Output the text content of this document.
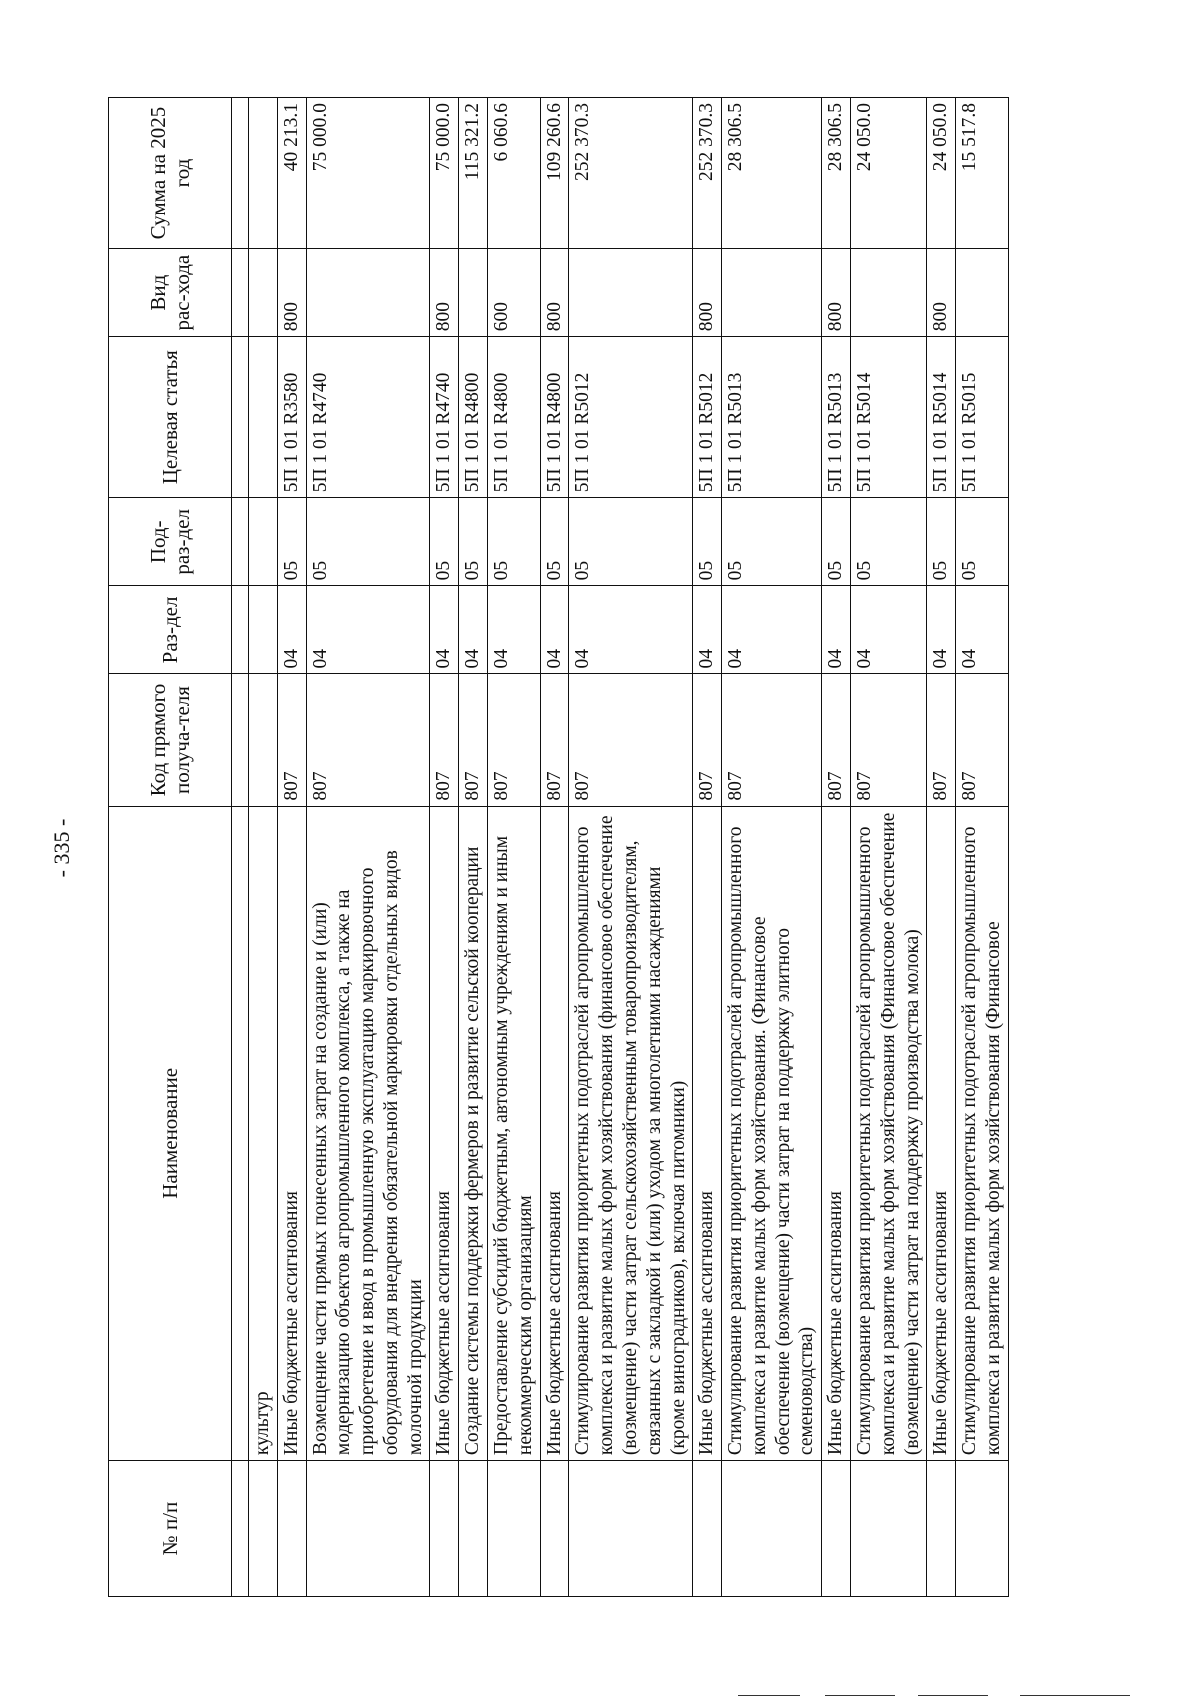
- 335 -
№ п/п	Наименование	Код прямого получа-теля	Раз-дел	Под-раз-дел	Целевая статья	Вид рас-хода	Сумма на 2025 год

	культур						
	Иные бюджетные ассигнования	807	04	05	5П 1 01 R3580	800	40 213.1
	Возмещение части прямых понесенных затрат на создание и (или) модернизацию объектов агропромышленного комплекса, а также на приобретение и ввод в промышленную эксплуатацию маркировочного оборудования для внедрения обязательной маркировки отдельных видов молочной продукции	807	04	05	5П 1 01 R4740		75 000.0
	Иные бюджетные ассигнования	807	04	05	5П 1 01 R4740	800	75 000.0
	Создание системы поддержки фермеров и развитие сельской кооперации	807	04	05	5П 1 01 R4800		115 321.2
	Предоставление субсидий бюджетным, автономным учреждениям и иным некоммерческим организациям	807	04	05	5П 1 01 R4800	600	6 060.6
	Иные бюджетные ассигнования	807	04	05	5П 1 01 R4800	800	109 260.6
	Стимулирование развития приоритетных подотраслей агропромышленного комплекса и развитие малых форм хозяйствования (финансовое обеспечение (возмещение) части затрат сельскохозяйственным товаропроизводителям, связанных с закладкой и (или) уходом за многолетними насаждениями (кроме виноградников), включая питомники)	807	04	05	5П 1 01 R5012		252 370.3
	Иные бюджетные ассигнования	807	04	05	5П 1 01 R5012	800	252 370.3
	Стимулирование развития приоритетных подотраслей агропромышленного комплекса и развитие малых форм хозяйствования. (Финансовое обеспечение (возмещение) части затрат на поддержку элитного семеноводства)	807	04	05	5П 1 01 R5013		28 306.5
	Иные бюджетные ассигнования	807	04	05	5П 1 01 R5013	800	28 306.5
	Стимулирование развития приоритетных подотраслей агропромышленного комплекса и развитие малых форм хозяйствования (Финансовое обеспечение (возмещение) части затрат на поддержку производства молока)	807	04	05	5П 1 01 R5014		24 050.0
	Иные бюджетные ассигнования	807	04	05	5П 1 01 R5014	800	24 050.0
	Стимулирование развития приоритетных подотраслей агропромышленного комплекса и развитие малых форм хозяйствования (Финансовое	807	04	05	5П 1 01 R5015		15 517.8
